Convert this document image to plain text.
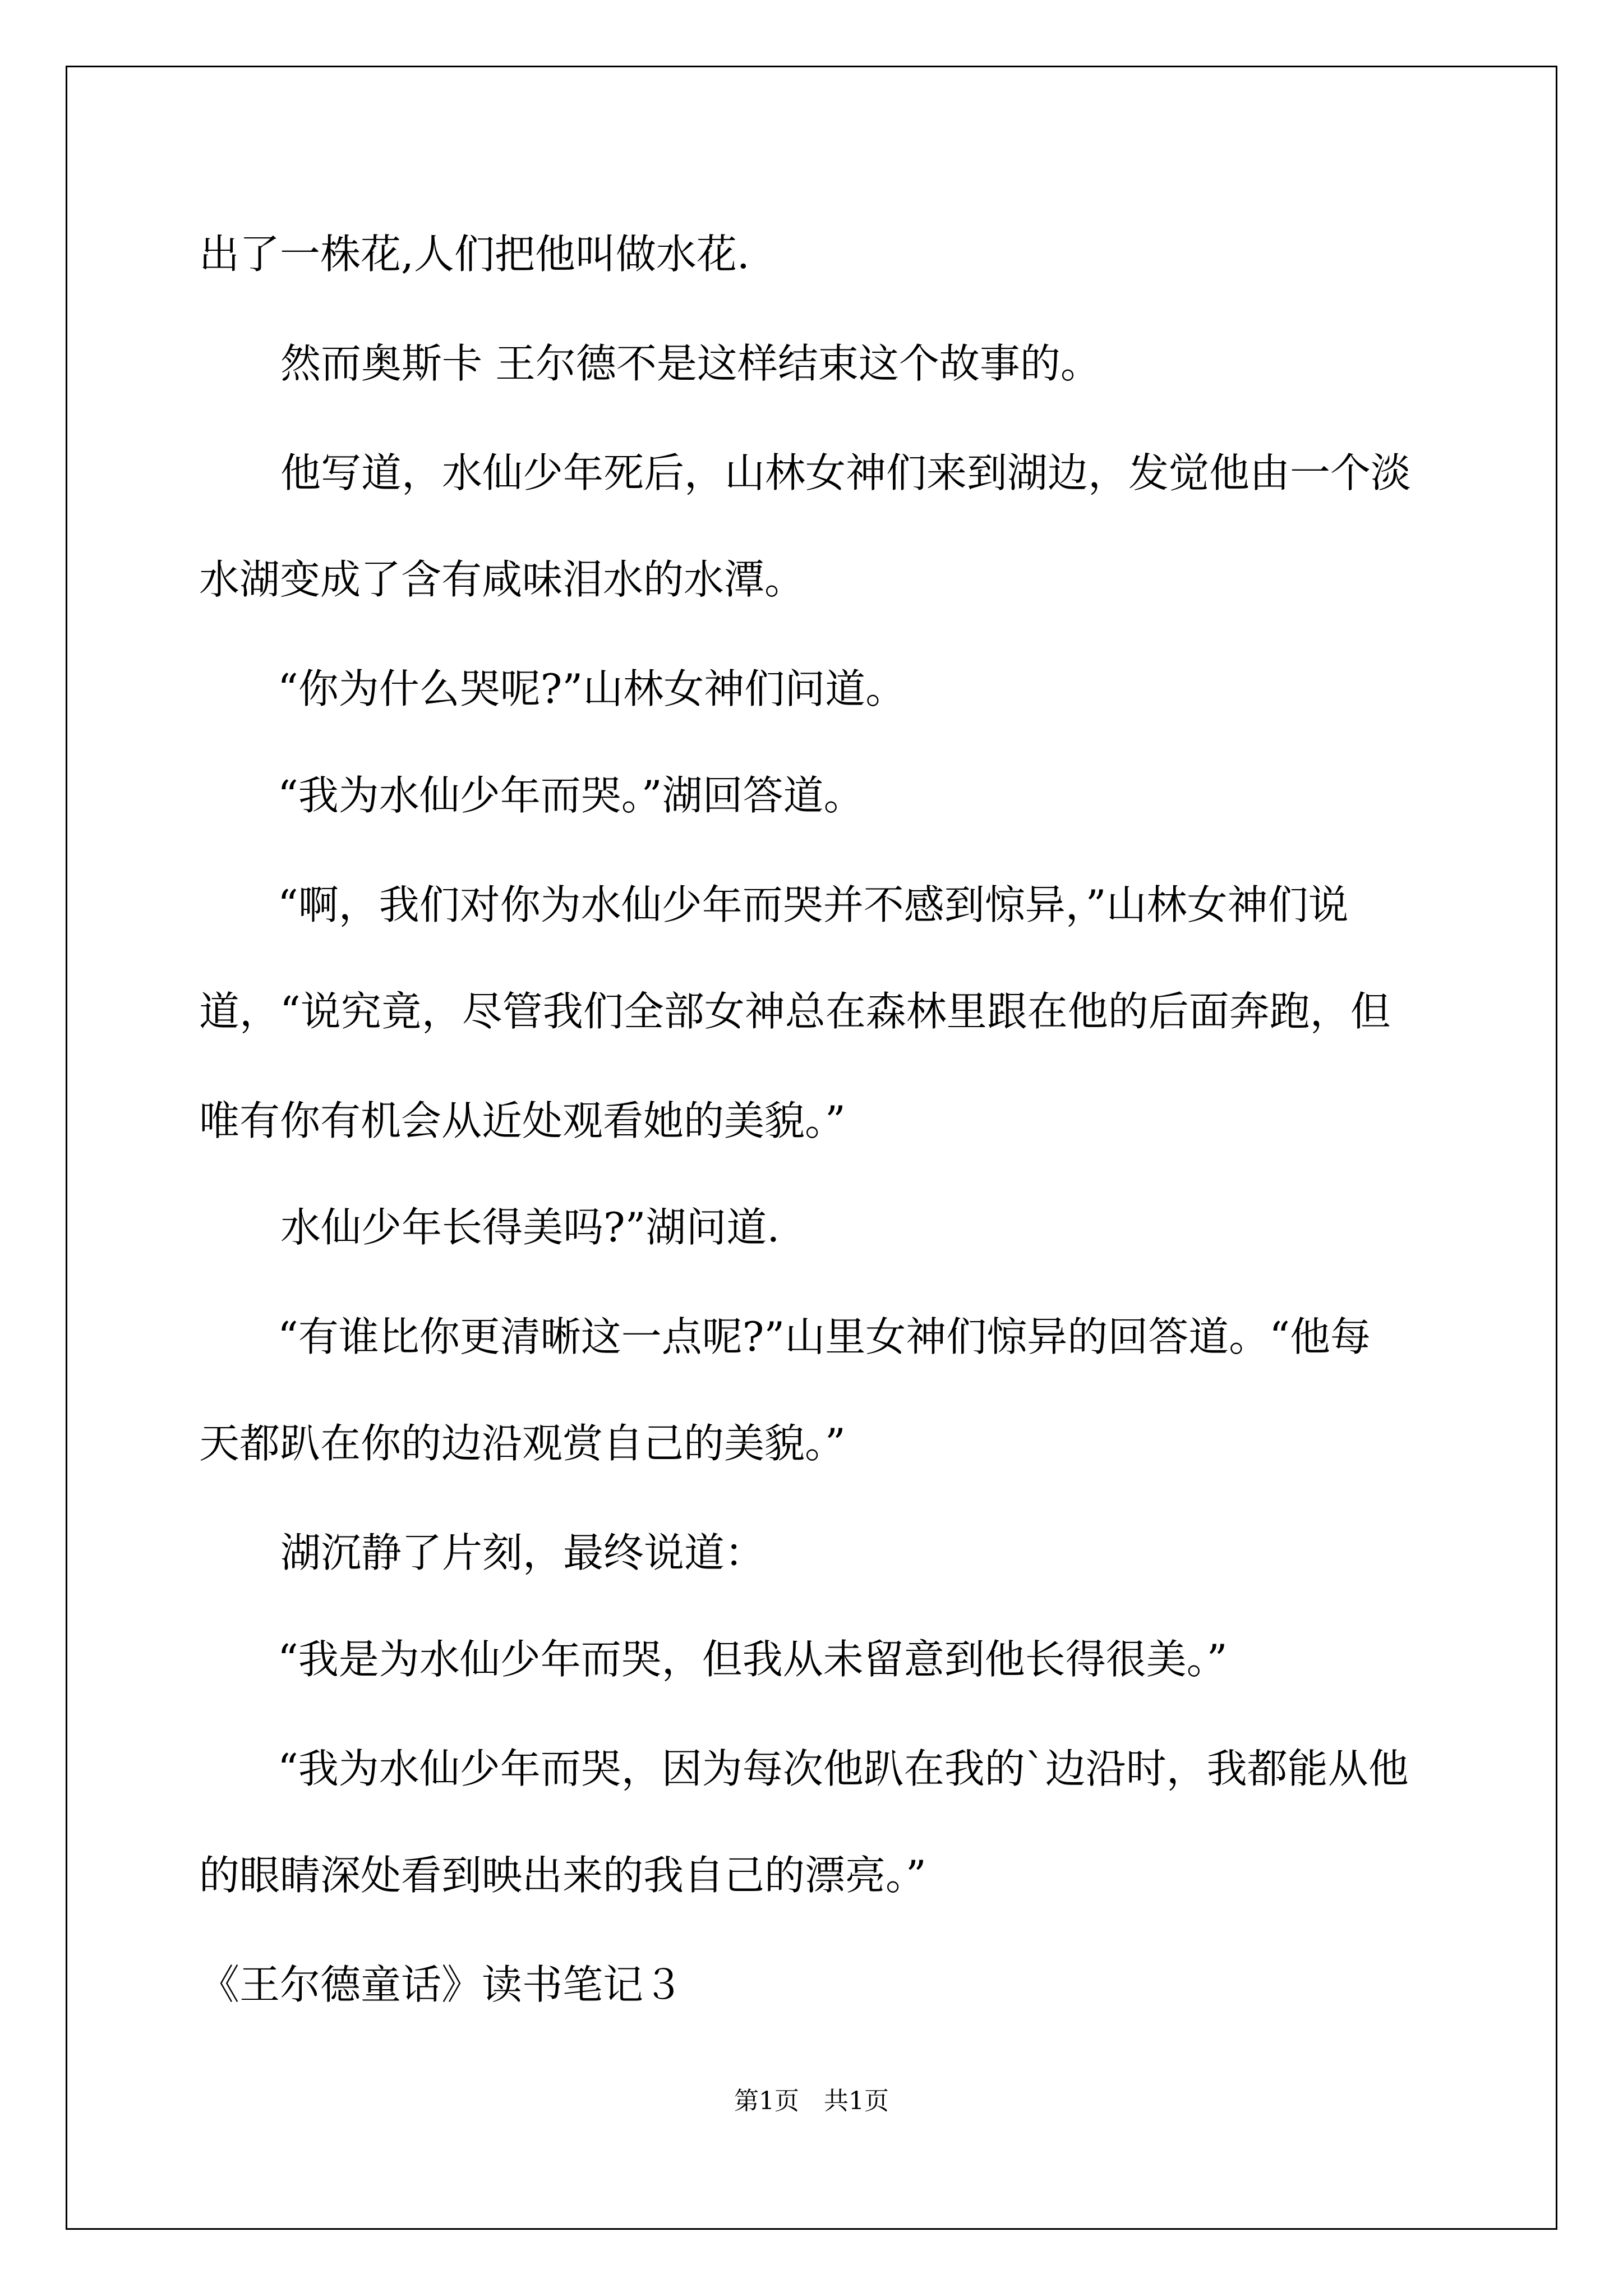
出了一株花,人们把他叫做水花.
然而奥斯卡 王尔德不是这样结束这个故事的。
他写道，水仙少年死后，山林女神们来到湖边，发觉他由一个淡
水湖变成了含有咸味泪水的水潭。
“你为什么哭呢?”山林女神们问道。
“我为水仙少年而哭。”湖回答道。
“啊，我们对你为水仙少年而哭并不感到惊异，”山林女神们说
道，“说究竟，尽管我们全部女神总在森林里跟在他的后面奔跑，但
唯有你有机会从近处观看她的美貌。”
水仙少年长得美吗?”湖问道.
“有谁比你更清晰这一点呢?”山里女神们惊异的回答道。“他每
天都趴在你的边沿观赏自己的美貌。”
湖沉静了片刻，最终说道：
“我是为水仙少年而哭，但我从未留意到他长得很美。”
“我为水仙少年而哭，因为每次他趴在我的`边沿时，我都能从他
的眼睛深处看到映出来的我自己的漂亮。”
《王尔德童话》读书笔记３
第1页 共1页
